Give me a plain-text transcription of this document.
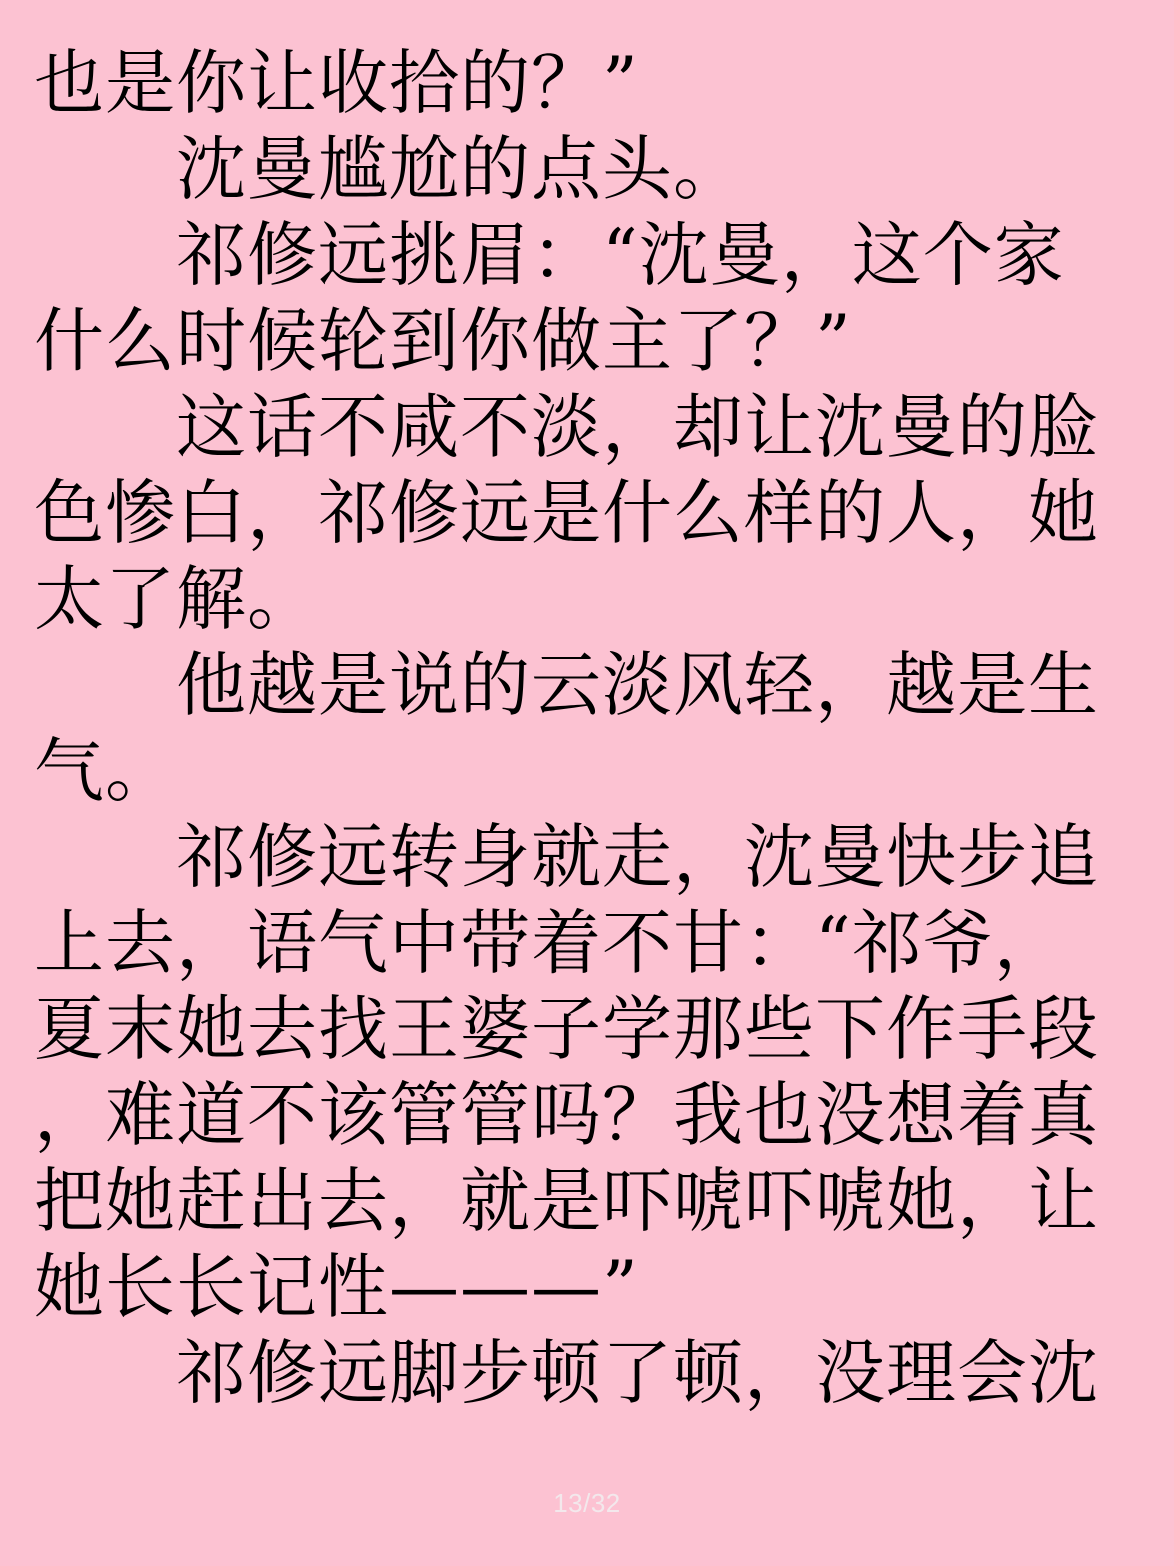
也是你让收拾的？”
　　沈曼尴尬的点头。
　　祁修远挑眉：“沈曼，这个家
什么时候轮到你做主了？”
　　这话不咸不淡，却让沈曼的脸
色惨白，祁修远是什么样的人，她
太了解。
　　他越是说的云淡风轻，越是生
气。
　　祁修远转身就走，沈曼快步追
上去，语气中带着不甘：“祁爷，
夏末她去找王婆子学那些下作手段
，难道不该管管吗？我也没想着真
把她赶出去，就是吓唬吓唬她，让
她长长记性———”
　　祁修远脚步顿了顿，没理会沈
13/32
